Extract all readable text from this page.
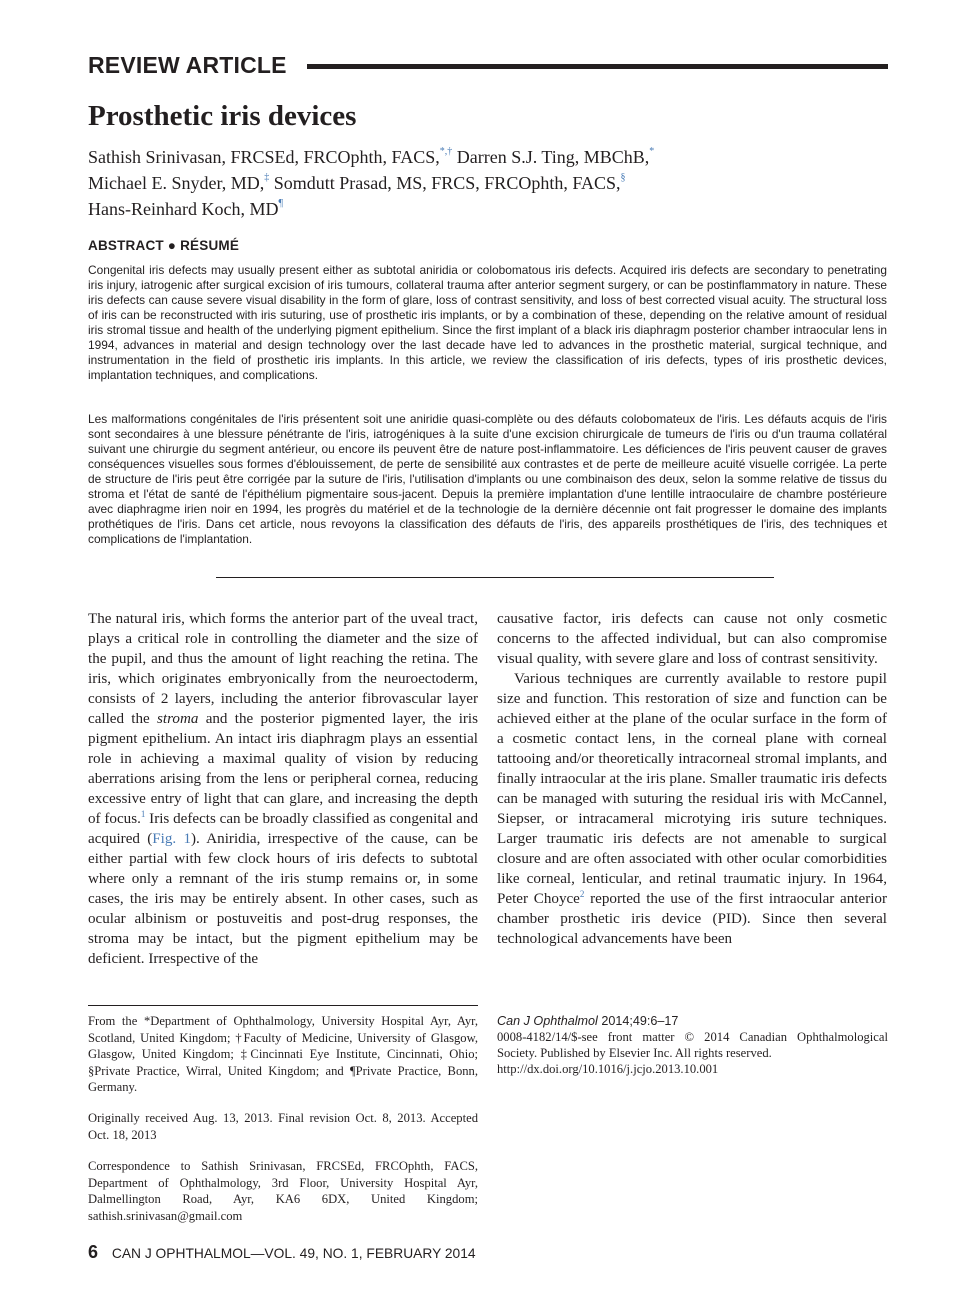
REVIEW ARTICLE
Prosthetic iris devices
Sathish Srinivasan, FRCSEd, FRCOphth, FACS,*,† Darren S.J. Ting, MBChB,*
Michael E. Snyder, MD,‡ Somdutt Prasad, MS, FRCS, FRCOphth, FACS,§
Hans-Reinhard Koch, MD¶
ABSTRACT ● RÉSUMÉ
Congenital iris defects may usually present either as subtotal aniridia or colobomatous iris defects. Acquired iris defects are secondary to penetrating iris injury, iatrogenic after surgical excision of iris tumours, collateral trauma after anterior segment surgery, or can be postinflammatory in nature. These iris defects can cause severe visual disability in the form of glare, loss of contrast sensitivity, and loss of best corrected visual acuity. The structural loss of iris can be reconstructed with iris suturing, use of prosthetic iris implants, or by a combination of these, depending on the relative amount of residual iris stromal tissue and health of the underlying pigment epithelium. Since the first implant of a black iris diaphragm posterior chamber intraocular lens in 1994, advances in material and design technology over the last decade have led to advances in the prosthetic material, surgical technique, and instrumentation in the field of prosthetic iris implants. In this article, we review the classification of iris defects, types of iris prosthetic devices, implantation techniques, and complications.
Les malformations congénitales de l'iris présentent soit une aniridie quasi-complète ou des défauts colobomateux de l'iris. Les défauts acquis de l'iris sont secondaires à une blessure pénétrante de l'iris, iatrogéniques à la suite d'une excision chirurgicale de tumeurs de l'iris ou d'un trauma collatéral suivant une chirurgie du segment antérieur, ou encore ils peuvent être de nature post-inflammatoire. Les déficiences de l'iris peuvent causer de graves conséquences visuelles sous formes d'éblouissement, de perte de sensibilité aux contrastes et de perte de meilleure acuité visuelle corrigée. La perte de structure de l'iris peut être corrigée par la suture de l'iris, l'utilisation d'implants ou une combinaison des deux, selon la somme relative de tissus du stroma et l'état de santé de l'épithélium pigmentaire sous-jacent. Depuis la première implantation d'une lentille intraoculaire de chambre postérieure avec diaphragme irien noir en 1994, les progrès du matériel et de la technologie de la dernière décennie ont fait progresser le domaine des implants prothétiques de l'iris. Dans cet article, nous revoyons la classification des défauts de l'iris, des appareils prosthétiques de l'iris, des techniques et complications de l'implantation.

The natural iris, which forms the anterior part of the uveal tract, plays a critical role in controlling the diameter and the size of the pupil, and thus the amount of light reaching the retina. The iris, which originates embryonically from the neuroectoderm, consists of 2 layers, including the anterior fibrovascular layer called the stroma and the posterior pigmented layer, the iris pigment epithelium. An intact iris diaphragm plays an essential role in achieving a maximal quality of vision by reducing aberrations arising from the lens or peripheral cornea, reducing excessive entry of light that can glare, and increasing the depth of focus.$^1$ Iris defects can be broadly classified as congenital and acquired (Fig. 1). Aniridia, irrespective of the cause, can be either partial with few clock hours of iris defects to subtotal where only a remnant of the iris stump remains or, in some cases, the iris may be entirely absent. In other cases, such as ocular albinism or postuveitis and post-drug responses, the stroma may be intact, but the pigment epithelium may be deficient. Irrespective of the

causative factor, iris defects can cause not only cosmetic concerns to the affected individual, but can also compromise visual quality, with severe glare and loss of contrast sensitivity.

Various techniques are currently available to restore pupil size and function. This restoration of size and function can be achieved either at the plane of the ocular surface in the form of a cosmetic contact lens, in the corneal plane with corneal tattooing and/or theoretically intracorneal stromal implants, and finally intraocular at the iris plane. Smaller traumatic iris defects can be managed with suturing the residual iris with McCannel, Siepser, or intracameral microtying iris suture techniques. Larger traumatic iris defects are not amenable to surgical closure and are often associated with other ocular comorbidities like corneal, lenticular, and retinal traumatic injury. In 1964, Peter Choyce$^2$ reported the use of the first intraocular anterior chamber prosthetic iris device (PID). Since then several technological advancements have been

From the *Department of Ophthalmology, University Hospital Ayr, Ayr, Scotland, United Kingdom; †Faculty of Medicine, University of Glasgow, Glasgow, United Kingdom; ‡Cincinnati Eye Institute, Cincinnati, Ohio; §Private Practice, Wirral, United Kingdom; and ¶Private Practice, Bonn, Germany.
Originally received Aug. 13, 2013. Final revision Oct. 8, 2013. Accepted Oct. 18, 2013
Correspondence to Sathish Srinivasan, FRCSEd, FRCOphth, FACS, Department of Ophthalmology, 3rd Floor, University Hospital Ayr, Dalmellington Road, Ayr, KA6 6DX, United Kingdom; sathish.srinivasan@gmail.com
Can J Ophthalmol 2014;49:6–17
0008-4182/14/$-see front matter © 2014 Canadian Ophthalmological Society. Published by Elsevier Inc. All rights reserved.
http://dx.doi.org/10.1016/j.jcjo.2013.10.001
6 CAN J OPHTHALMOL—VOL. 49, NO. 1, FEBRUARY 2014
